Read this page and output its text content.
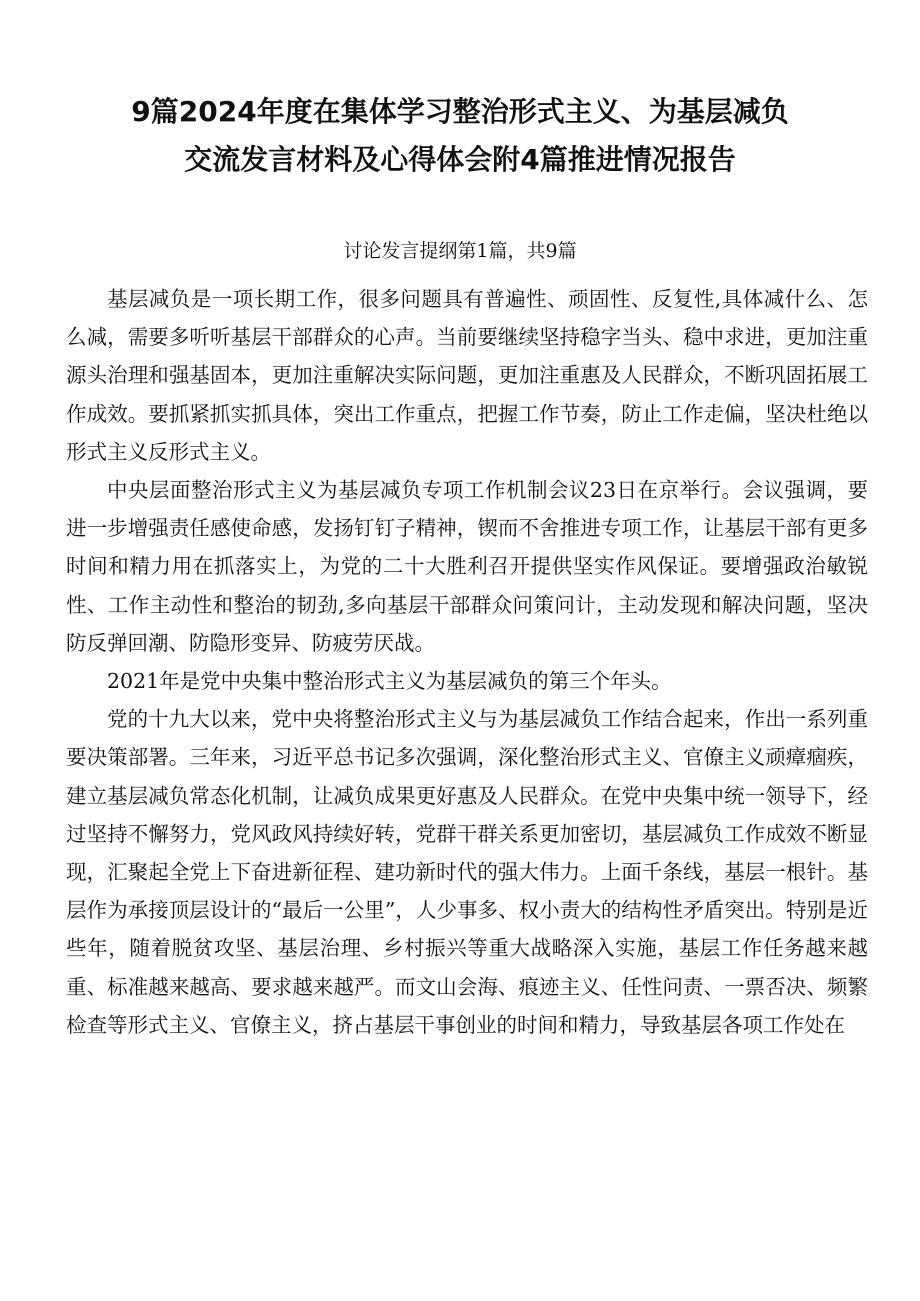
9篇2024年度在集体学习整治形式主义、为基层减负
交流发言材料及心得体会附4篇推进情况报告

讨论发言提纲第1篇，共9篇

基层减负是一项长期工作，很多问题具有普遍性、顽固性、反复性,具体减什么、怎么减，需要多听听基层干部群众的心声。当前要继续坚持稳字当头、稳中求进，更加注重源头治理和强基固本，更加注重解决实际问题，更加注重惠及人民群众，不断巩固拓展工作成效。要抓紧抓实抓具体，突出工作重点，把握工作节奏，防止工作走偏，坚决杜绝以形式主义反形式主义。

中央层面整治形式主义为基层减负专项工作机制会议23日在京举行。会议强调，要进一步增强责任感使命感，发扬钉钉子精神，锲而不舍推进专项工作，让基层干部有更多时间和精力用在抓落实上，为党的二十大胜利召开提供坚实作风保证。要增强政治敏锐性、工作主动性和整治的韧劲,多向基层干部群众问策问计，主动发现和解决问题，坚决防反弹回潮、防隐形变异、防疲劳厌战。

2021年是党中央集中整治形式主义为基层减负的第三个年头。

党的十九大以来，党中央将整治形式主义与为基层减负工作结合起来，作出一系列重要决策部署。三年来，习近平总书记多次强调，深化整治形式主义、官僚主义顽瘴痼疾，建立基层减负常态化机制，让减负成果更好惠及人民群众。在党中央集中统一领导下，经过坚持不懈努力，党风政风持续好转，党群干群关系更加密切，基层减负工作成效不断显现，汇聚起全党上下奋进新征程、建功新时代的强大伟力。上面千条线，基层一根针。基层作为承接顶层设计的“最后一公里”，人少事多、权小责大的结构性矛盾突出。特别是近些年，随着脱贫攻坚、基层治理、乡村振兴等重大战略深入实施，基层工作任务越来越重、标准越来越高、要求越来越严。而文山会海、痕迹主义、任性问责、一票否决、频繁检查等形式主义、官僚主义，挤占基层干事创业的时间和精力，导致基层各项工作处在
